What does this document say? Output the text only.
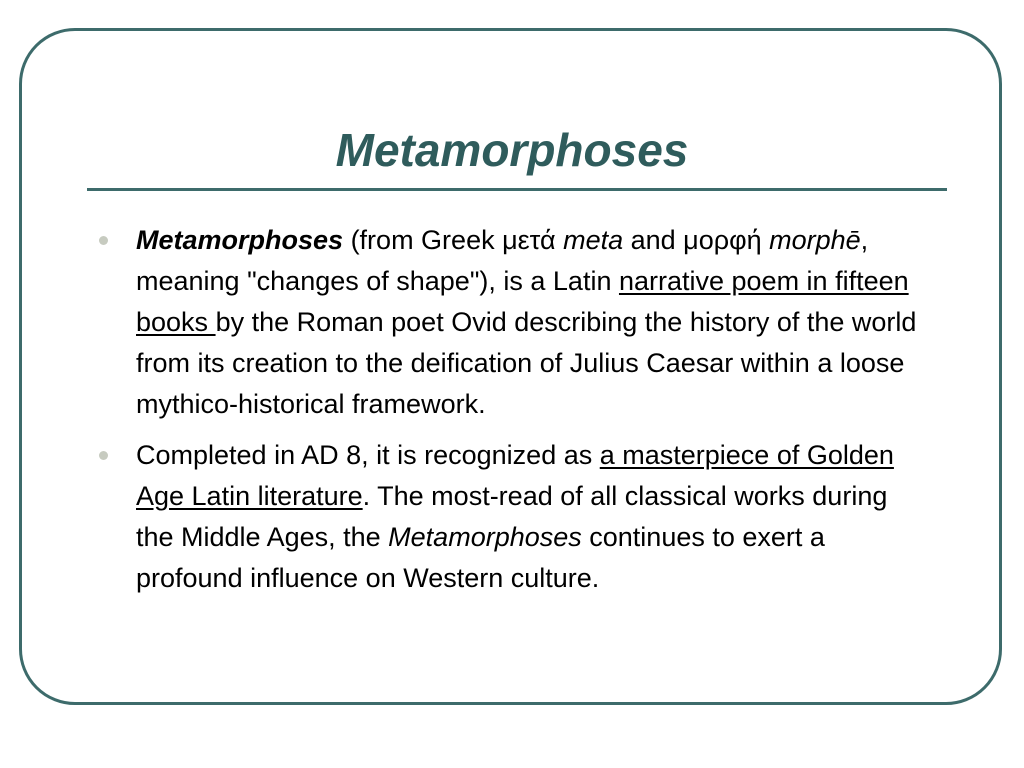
Metamorphoses
Metamorphoses (from Greek μετά meta and μορφή morphē, meaning "changes of shape"), is a Latin narrative poem in fifteen books by the Roman poet Ovid describing the history of the world from its creation to the deification of Julius Caesar within a loose mythico-historical framework.
Completed in AD 8, it is recognized as a masterpiece of Golden Age Latin literature. The most-read of all classical works during the Middle Ages, the Metamorphoses continues to exert a profound influence on Western culture.
